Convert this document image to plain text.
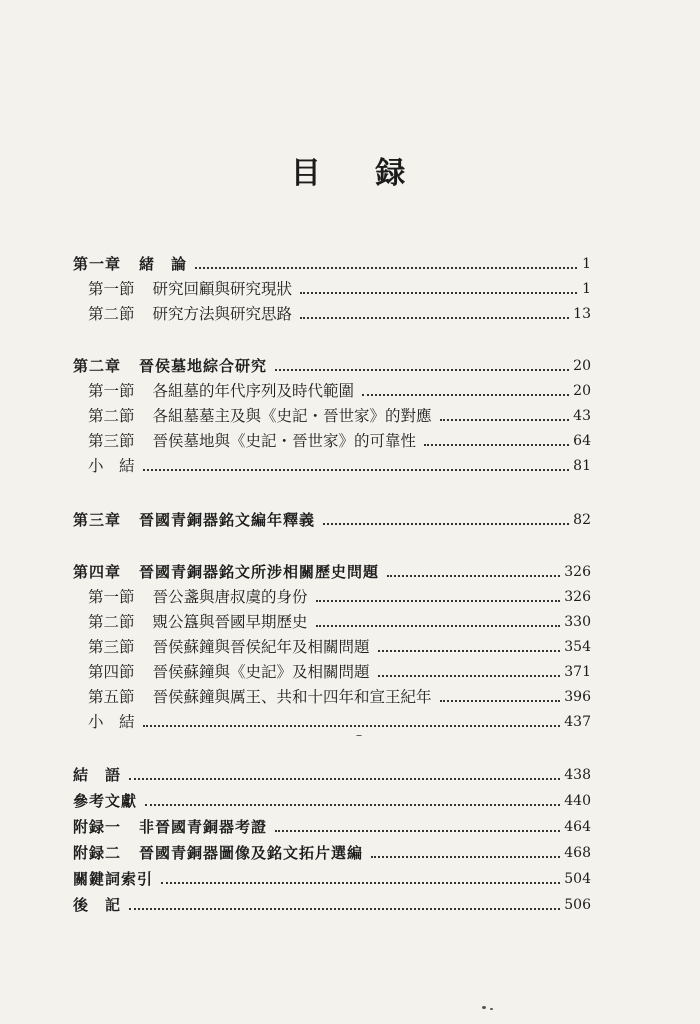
目 録
第一章 緒　論	1
第一節 研究回顧與研究現狀	1
第二節 研究方法與研究思路	13
第二章 晉侯墓地綜合研究	20
第一節 各組墓的年代序列及時代範圍	20
第二節 各組墓墓主及與《史記・晉世家》的對應	43
第三節 晉侯墓地與《史記・晉世家》的可靠性	64
小　結	81
第三章 晉國青銅器銘文編年釋義	82
第四章 晉國青銅器銘文所涉相關歷史問題	326
第一節 晉公盞與唐叔虞的身份	326
第二節 覭公簋與晉國早期歷史	330
第三節 晉侯蘇鐘與晉侯紀年及相關問題	354
第四節 晉侯蘇鐘與《史記》及相關問題	371
第五節 晉侯蘇鐘與厲王、共和十四年和宣王紀年	396
小　結	437
結　語	438
參考文獻	440
附録一 非晉國青銅器考證	464
附録二 晉國青銅器圖像及銘文拓片選編	468
關鍵詞索引	504
後　記	506
